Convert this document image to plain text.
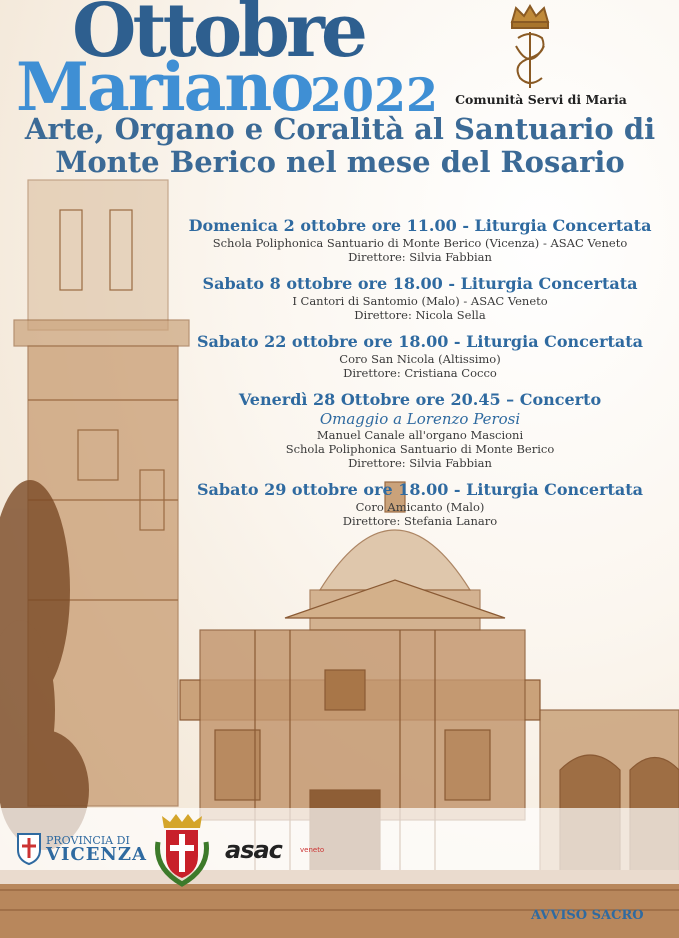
Ottobre
Mariano
2022	Comunità Servi di Maria
Arte, Organo e Coralità al Santuario di
Monte Berico nel mese del Rosario
Domenica 2 ottobre ore 11.00 - Liturgia Concertata
Schola Poliphonica Santuario di Monte Berico (Vicenza) - ASAC Veneto
Direttore: Silvia Fabbian
Sabato 8 ottobre ore 18.00 - Liturgia Concertata
I Cantori di Santomio (Malo) - ASAC Veneto
Direttore: Nicola Sella
Sabato 22 ottobre ore 18.00 - Liturgia Concertata
Coro San Nicola (Altissimo)
Direttore: Cristiana Cocco
Venerdì 28 Ottobre ore 20.45 – Concerto
Omaggio a Lorenzo Perosi
Manuel Canale all'organo Mascioni
Schola Poliphonica Santuario di Monte Berico
Direttore: Silvia Fabbian
Sabato 29 ottobre ore 18.00 - Liturgia Concertata
Coro Amicanto (Malo)
Direttore: Stefania Lanaro
PROVINCIA DI
VICENZA	asac	veneto
AVVISO SACRO
